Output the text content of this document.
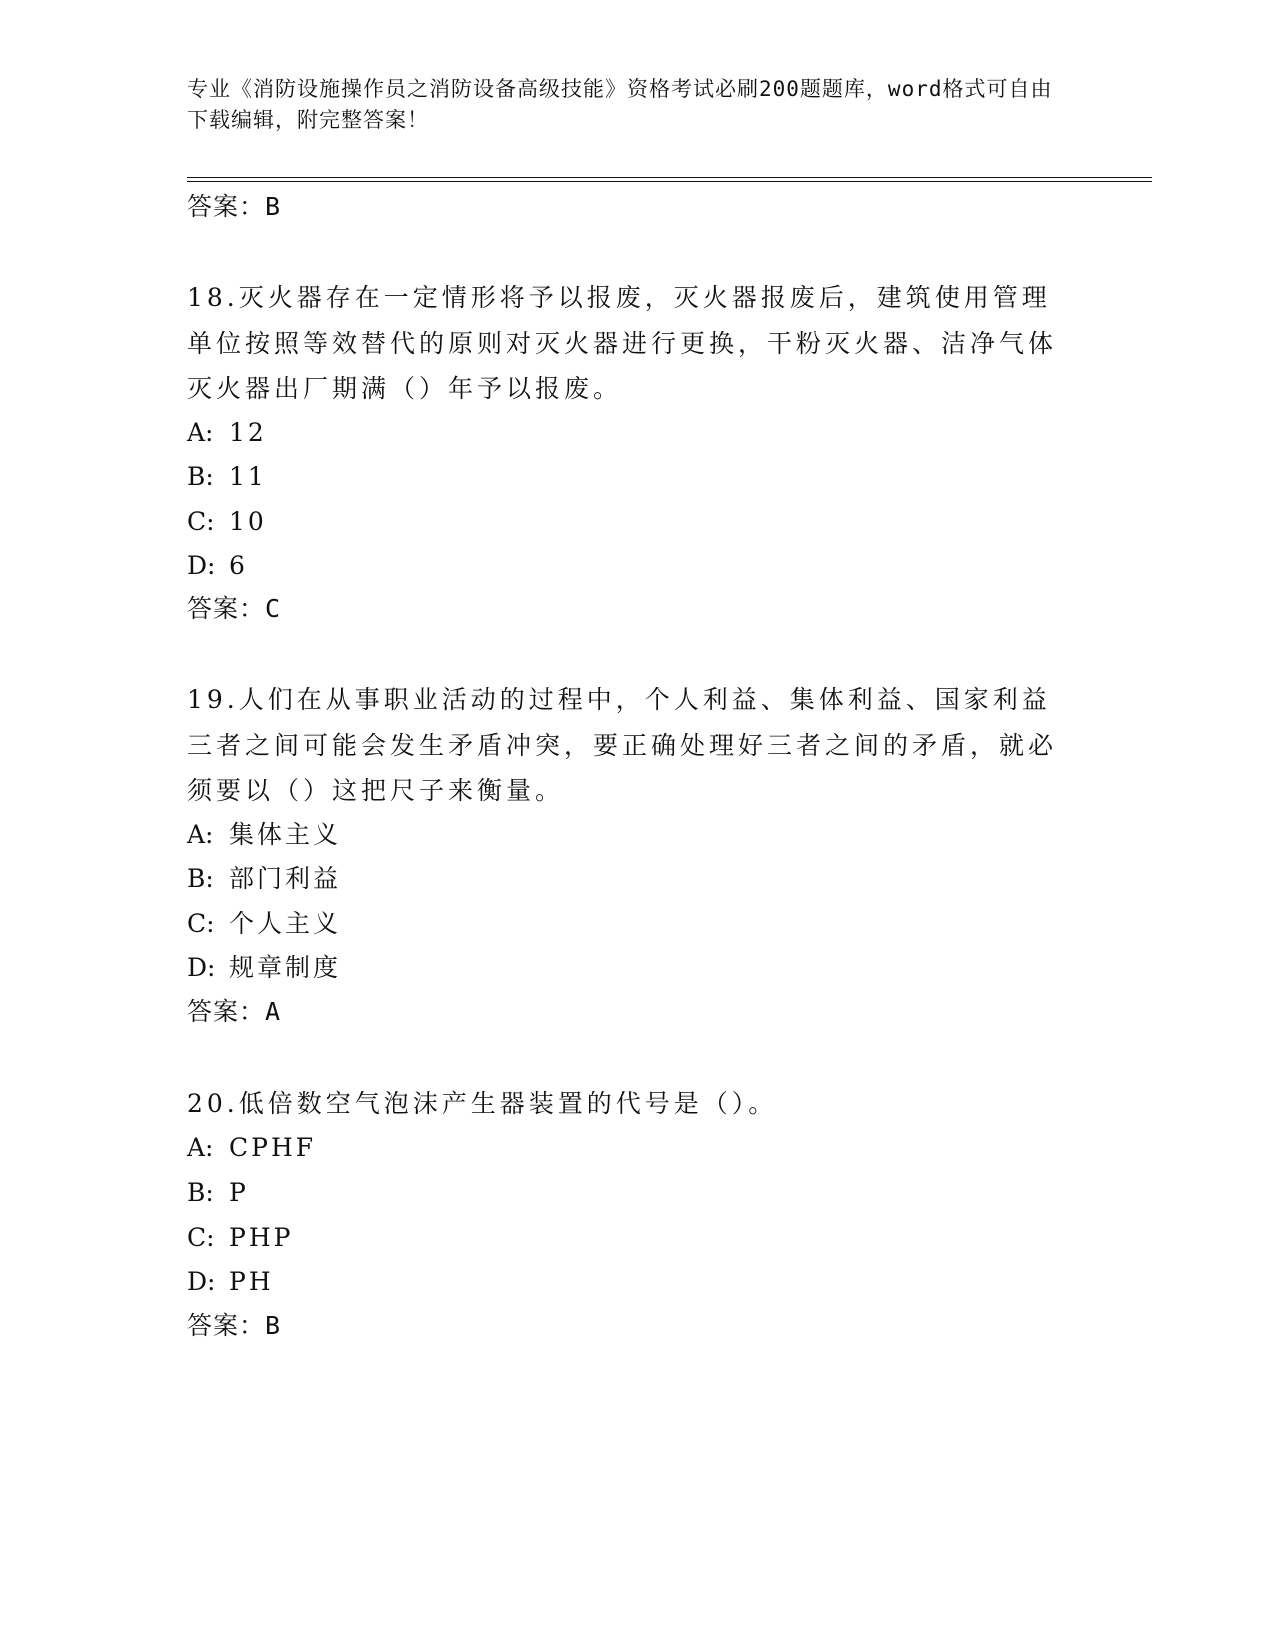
专业《消防设施操作员之消防设备高级技能》资格考试必刷200题题库，word格式可自由下载编辑，附完整答案！
答案：B
18.灭火器存在一定情形将予以报废，灭火器报废后，建筑使用管理单位按照等效替代的原则对灭火器进行更换，干粉灭火器、洁净气体灭火器出厂期满（）年予以报废。
A: 12
B: 11
C: 10
D: 6
答案：C
19.人们在从事职业活动的过程中，个人利益、集体利益、国家利益三者之间可能会发生矛盾冲突，要正确处理好三者之间的矛盾，就必须要以（）这把尺子来衡量。
A: 集体主义
B: 部门利益
C: 个人主义
D: 规章制度
答案：A
20.低倍数空气泡沫产生器装置的代号是（）。
A: CPHF
B: P
C: PHP
D: PH
答案：B
